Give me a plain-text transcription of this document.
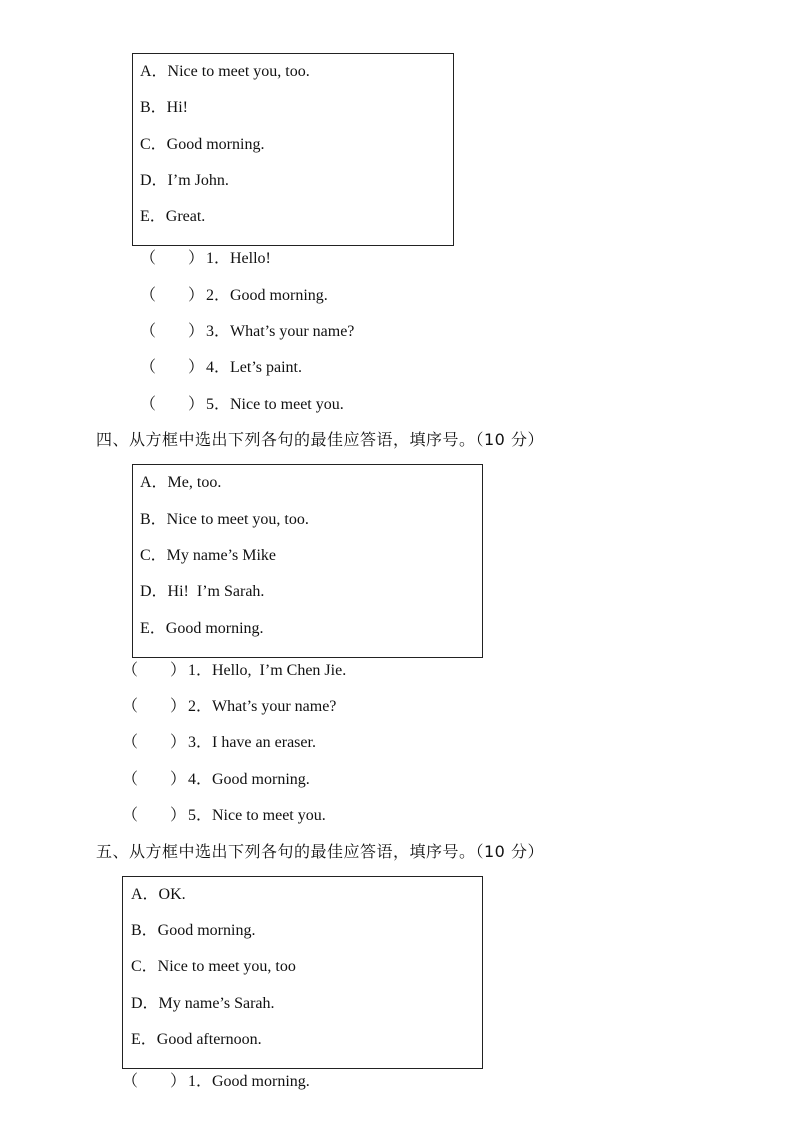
A．Nice to meet you, too.
B．Hi!
C．Good morning.
D．I’m John.
E．Great.
（　　） 1．Hello!
（　　） 2．Good morning.
（　　） 3．What’s your name?
（　　） 4．Let’s paint.
（　　） 5．Nice to meet you.
四、从方框中选出下列各句的最佳应答语，填序号。（10 分）
A．Me, too.
B．Nice to meet you, too.
C．My name’s Mike
D．Hi!  I’m Sarah.
E．Good morning.
（　　） 1．Hello,  I’m Chen Jie.
（　　） 2．What’s your name?
（　　） 3．I have an eraser.
（　　） 4．Good morning.
（　　） 5．Nice to meet you.
五、从方框中选出下列各句的最佳应答语，填序号。（10 分）
A．OK.
B．Good morning.
C．Nice to meet you, too
D．My name’s Sarah.
E．Good afternoon.
（　　） 1．Good morning.
